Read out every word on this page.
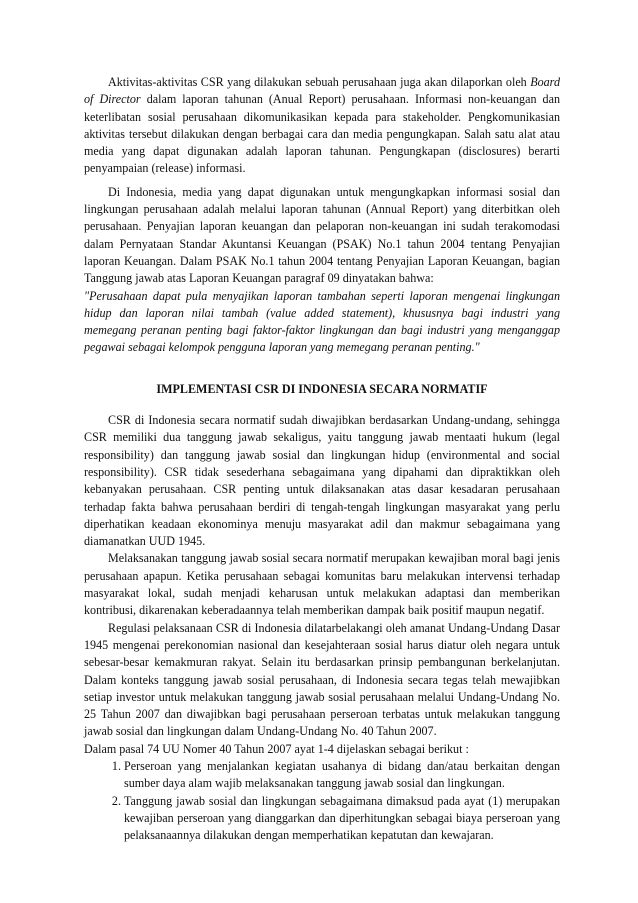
Aktivitas-aktivitas CSR yang dilakukan sebuah perusahaan juga akan dilaporkan oleh Board of Director dalam laporan tahunan (Anual Report) perusahaan. Informasi non-keuangan dan keterlibatan sosial perusahaan dikomunikasikan kepada para stakeholder. Pengkomunikasian aktivitas tersebut dilakukan dengan berbagai cara dan media pengungkapan. Salah satu alat atau media yang dapat digunakan adalah laporan tahunan. Pengungkapan (disclosures) berarti penyampaian (release) informasi.

Di Indonesia, media yang dapat digunakan untuk mengungkapkan informasi sosial dan lingkungan perusahaan adalah melalui laporan tahunan (Annual Report) yang diterbitkan oleh perusahaan. Penyajian laporan keuangan dan pelaporan non-keuangan ini sudah terakomodasi dalam Pernyataan Standar Akuntansi Keuangan (PSAK) No.1 tahun 2004 tentang Penyajian laporan Keuangan. Dalam PSAK No.1 tahun 2004 tentang Penyajian Laporan Keuangan, bagian Tanggung jawab atas Laporan Keuangan paragraf 09 dinyatakan bahwa:

"Perusahaan dapat pula menyajikan laporan tambahan seperti laporan mengenai lingkungan hidup dan laporan nilai tambah (value added statement), khususnya bagi industri yang memegang peranan penting bagi faktor-faktor lingkungan dan bagi industri yang menganggap pegawai sebagai kelompok pengguna laporan yang memegang peranan penting."

IMPLEMENTASI CSR DI INDONESIA SECARA NORMATIF

CSR di Indonesia secara normatif sudah diwajibkan berdasarkan Undang-undang, sehingga CSR memiliki dua tanggung jawab sekaligus, yaitu tanggung jawab mentaati hukum (legal responsibility) dan tanggung jawab sosial dan lingkungan hidup (environmental and social responsibility). CSR tidak sesederhana sebagaimana yang dipahami dan dipraktikkan oleh kebanyakan perusahaan. CSR penting untuk dilaksanakan atas dasar kesadaran perusahaan terhadap fakta bahwa perusahaan berdiri di tengah-tengah lingkungan masyarakat yang perlu diperhatikan keadaan ekonominya menuju masyarakat adil dan makmur sebagaimana yang diamanatkan UUD 1945.

Melaksanakan tanggung jawab sosial secara normatif merupakan kewajiban moral bagi jenis perusahaan apapun. Ketika perusahaan sebagai komunitas baru melakukan intervensi terhadap masyarakat lokal, sudah menjadi keharusan untuk melakukan adaptasi dan memberikan kontribusi, dikarenakan keberadaannya telah memberikan dampak baik positif maupun negatif.

Regulasi pelaksanaan CSR di Indonesia dilatarbelakangi oleh amanat Undang-Undang Dasar 1945 mengenai perekonomian nasional dan kesejahteraan sosial harus diatur oleh negara untuk sebesar-besar kemakmuran rakyat. Selain itu berdasarkan prinsip pembangunan berkelanjutan. Dalam konteks tanggung jawab sosial perusahaan, di Indonesia secara tegas telah mewajibkan setiap investor untuk melakukan tanggung jawab sosial perusahaan melalui Undang-Undang No. 25 Tahun 2007 dan diwajibkan bagi perusahaan perseroan terbatas untuk melakukan tanggung jawab sosial dan lingkungan dalam Undang-Undang No. 40 Tahun 2007.

Dalam pasal 74 UU Nomer 40 Tahun 2007 ayat 1-4 dijelaskan sebagai berikut :

1. Perseroan yang menjalankan kegiatan usahanya di bidang dan/atau berkaitan dengan sumber daya alam wajib melaksanakan tanggung jawab sosial dan lingkungan.
2. Tanggung jawab sosial dan lingkungan sebagaimana dimaksud pada ayat (1) merupakan kewajiban perseroan yang dianggarkan dan diperhitungkan sebagai biaya perseroan yang pelaksanaannya dilakukan dengan memperhatikan kepatutan dan kewajaran.
